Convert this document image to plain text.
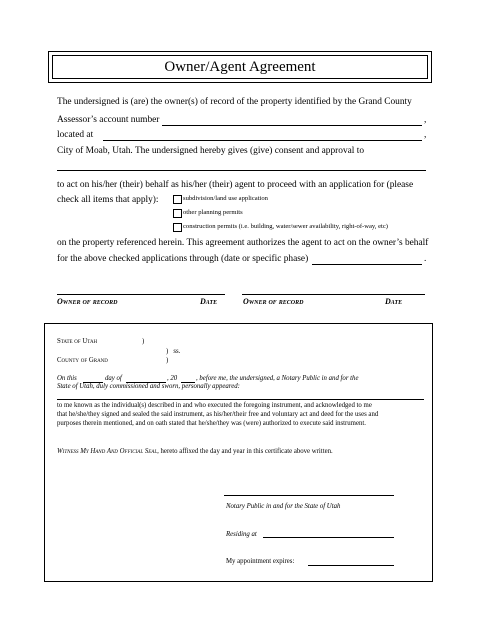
Owner/Agent Agreement
The undersigned is (are) the owner(s) of record of the property identified by the Grand County
Assessor’s account number	,
located at	,
City of Moab, Utah. The undersigned hereby gives (give) consent and approval to
to act on his/her (their) behalf as his/her (their) agent to proceed with an application for (please
check all items that apply):	subdivision/land use application
other planning permits
construction permits (i.e. building, water/sewer availability, right-of-way, etc)
on the property referenced herein. This agreement authorizes the agent to act on the owner’s behalf
for the above checked applications through (date or specific phase)	.
Owner of record	Date	Owner of record	Date
State of Utah	)
)   ss.
County of Grand	)
On this	day of	, 20	, before me, the undersigned, a Notary Public in and for the
State of Utah, duly commissioned and sworn, personally appeared:
to me known as the individual(s) described in and who executed the foregoing instrument, and acknowledged to me
that he/she/they signed and sealed the said instrument, as his/her/their free and voluntary act and deed for the uses and
purposes therein mentioned, and on oath stated that he/she/they was (were) authorized to execute said instrument.
Witness My Hand And Official Seal, hereto affixed the day and year in this certificate above written.
Notary Public in and for the State of Utah
Residing at
My appointment expires:
